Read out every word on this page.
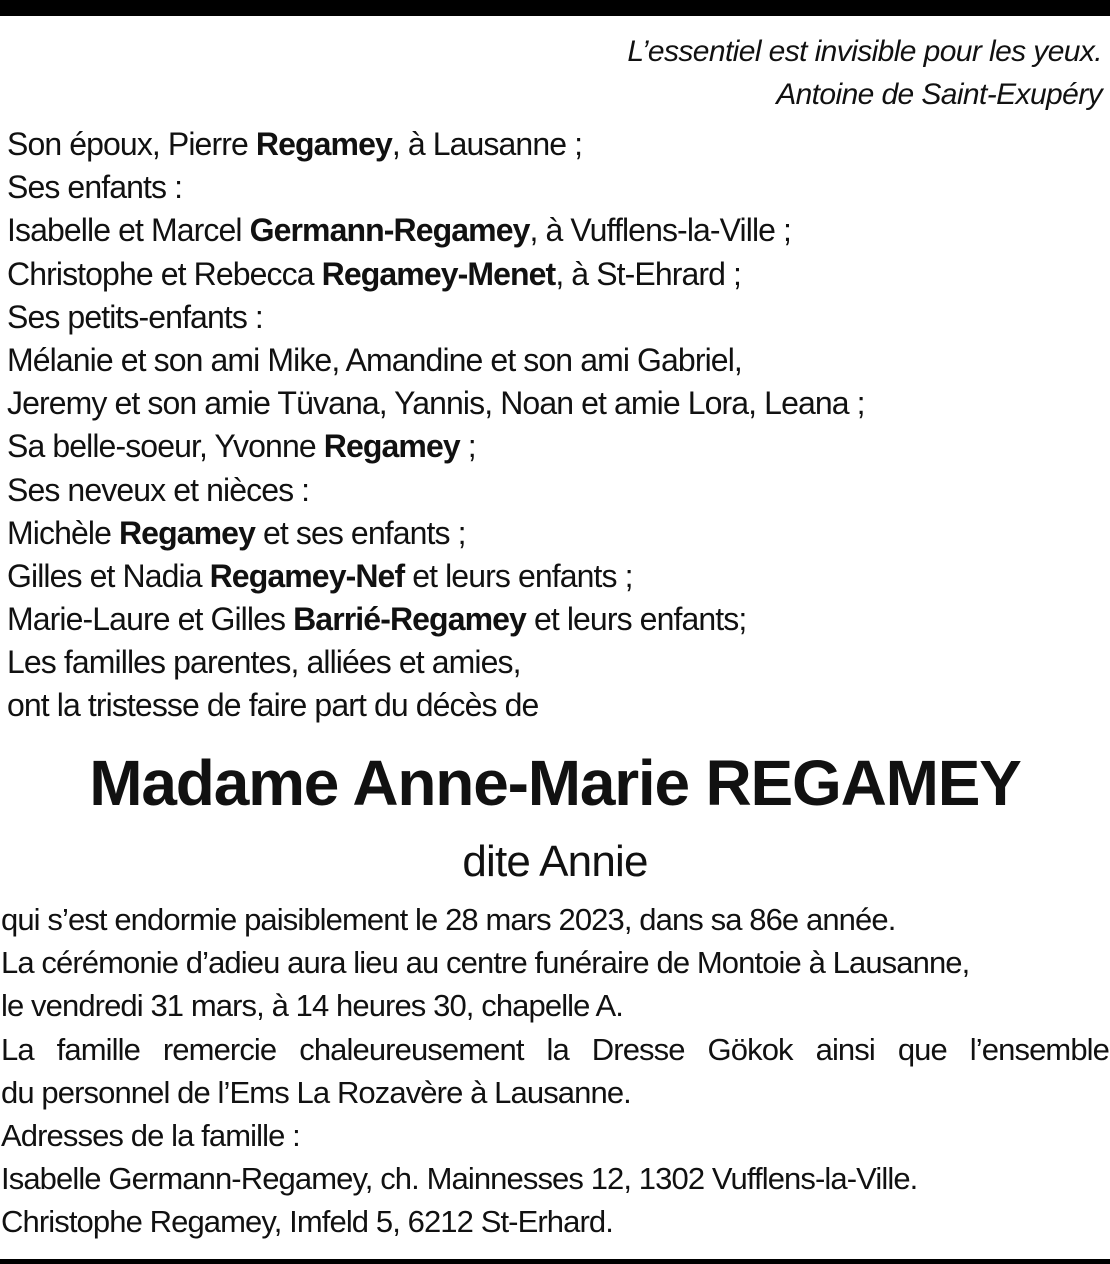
L’essentiel est invisible pour les yeux.
Antoine de Saint-Exupéry
Son époux, Pierre Regamey, à Lausanne ;
Ses enfants :
Isabelle et Marcel Germann-Regamey, à Vufflens-la-Ville ;
Christophe et Rebecca Regamey-Menet, à St-Ehrard ;
Ses petits-enfants :
Mélanie et son ami Mike, Amandine et son ami Gabriel,
Jeremy et son amie Tüvana, Yannis, Noan et amie Lora, Leana ;
Sa belle-soeur, Yvonne Regamey ;
Ses neveux et nièces :
Michèle Regamey et ses enfants ;
Gilles et Nadia Regamey-Nef et leurs enfants ;
Marie-Laure et Gilles Barrié-Regamey et leurs enfants;
Les familles parentes, alliées et amies,
ont la tristesse de faire part du décès de
Madame Anne-Marie REGAMEY
dite Annie
qui s’est endormie paisiblement le 28 mars 2023, dans sa 86e année.
La cérémonie d’adieu aura lieu au centre funéraire de Montoie à Lausanne,
le vendredi 31 mars, à 14 heures 30, chapelle A.
La famille remercie chaleureusement la Dresse Gökok ainsi que l’ensemble
du personnel de l’Ems La Rozavère à Lausanne.
Adresses de la famille :
Isabelle Germann-Regamey, ch. Mainnesses 12, 1302 Vufflens-la-Ville.
Christophe Regamey, Imfeld 5, 6212 St-Erhard.
